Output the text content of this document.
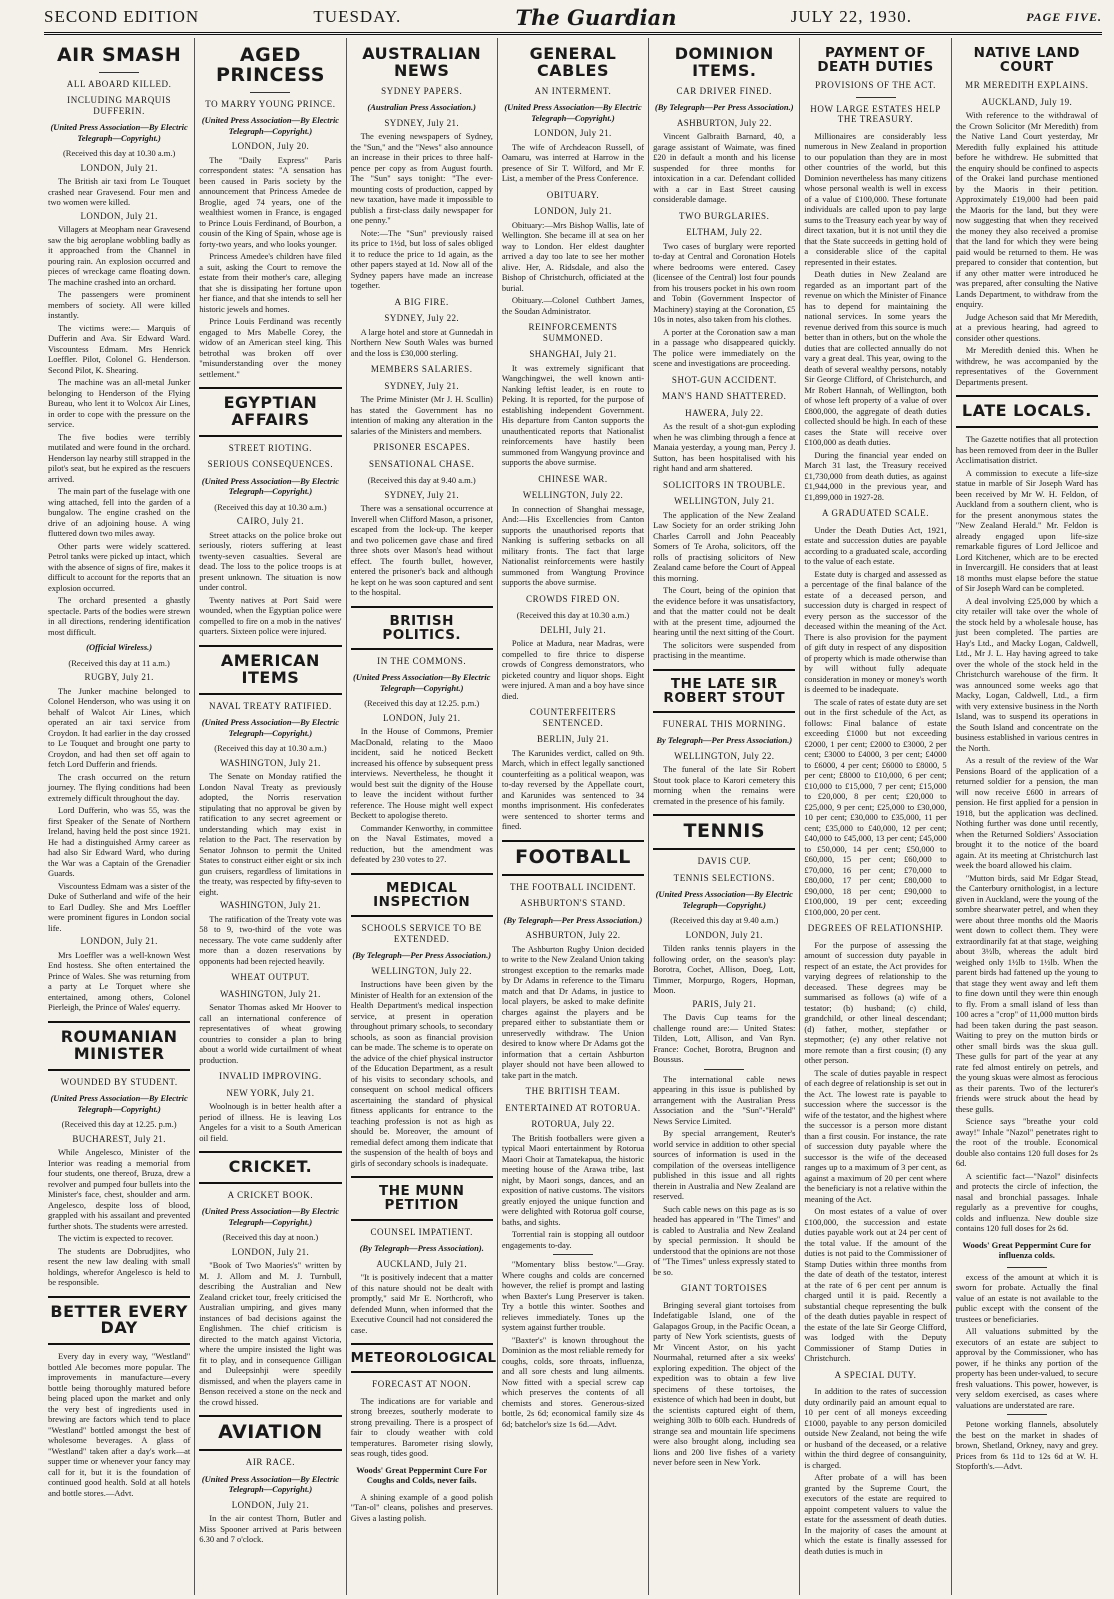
SECOND EDITION	TUESDAY.	The Guardian	JULY 22, 1930.	PAGE FIVE.
AIR SMASH
ALL ABOARD KILLED.
INCLUDING MARQUIS DUFFERIN.
(United Press Association—By Electric Telegraph—Copyright.)
(Received this day at 10.30 a.m.)
LONDON, July 21.

The British air taxi from Le Touquet crashed near Gravesend. Four men and two women were killed.

LONDON, July 21.

Villagers at Meopham near Gravesend saw the big aeroplane wobbling badly as it approached from the Channel in pouring rain. An explosion occurred and pieces of wreckage came floating down. The machine crashed into an orchard.

The passengers were prominent members of society. All were killed instantly.

The victims were:— Marquis of Dufferin and Ava. Sir Edward Ward. Viscountess Edmam. Mrs Henrick Loeffler. Pilot, Colonel G. Henderson. Second Pilot, K. Shearing.

The machine was an all-metal Junker belonging to Henderson of the Flying Bureau, who lent it to Wolcox Air Lines, in order to cope with the pressure on the service.

The five bodies were terribly mutilated and were found in the orchard. Henderson lay nearby still strapped in the pilot's seat, but he expired as the rescuers arrived.

The main part of the fuselage with one wing attached, fell into the garden of a bungalow. The engine crashed on the drive of an adjoining house. A wing fluttered down two miles away.

Other parts were widely scattered. Petrol tanks were picked up intact, which with the absence of signs of fire, makes it difficult to account for the reports that an explosion occurred.

The orchard presented a ghastly spectacle. Parts of the bodies were strewn in all directions, rendering identification most difficult.

(Official Wireless.)
(Received this day at 11 a.m.)
RUGBY, July 21.

The Junker machine belonged to Colonel Henderson, who was using it on behalf of Walcot Air Lines, which operated an air taxi service from Croydon. It had earlier in the day crossed to Le Touquet and brought one party to Croydon, and had then set off again to fetch Lord Dufferin and friends.

The crash occurred on the return journey. The flying conditions had been extremely difficult throughout the day.

Lord Dufferin, who was 55, was the first Speaker of the Senate of Northern Ireland, having held the post since 1921. He had a distinguished Army career as had also Sir Edward Ward, who during the War was a Captain of the Grenadier Guards.

Viscountess Edmam was a sister of the Duke of Sutherland and wife of the heir to Earl Dudley. She and Mrs Loeffler were prominent figures in London social life.

LONDON, July 21.

Mrs Loeffler was a well-known West End hostess. She often entertained the Prince of Wales. She was returning from a party at Le Torquet where she entertained, among others, Colonel Pierleigh, the Prince of Wales' equerry.

ROUMANIAN MINISTER
WOUNDED BY STUDENT.
(United Press Association—By Electric Telegraph—Copyright.)
(Received this day at 12.25. p.m.)
BUCHAREST, July 21.

While Angelesco, Minister of the Interior was reading a memorial from four students, one thereof, Bruza, drew a revolver and pumped four bullets into the Minister's face, chest, shoulder and arm. Angelesco, despite loss of blood, grappled with his assailant and prevented further shots. The students were arrested.

The victim is expected to recover.

The students are Dobrudjites, who resent the new law dealing with small holdings, wherefor Angelesco is held to be responsible.

BETTER EVERY DAY

Every day in every way, "Westland" bottled Ale becomes more popular. The improvements in manufacture—every bottle being thoroughly matured before being placed upon the market and only the very best of ingredients used in brewing are factors which tend to place "Westland" bottled amongst the best of wholesome beverages. A glass of "Westland" taken after a day's work—at supper time or whenever your fancy may call for it, but it is the foundation of continued good health. Sold at all hotels and bottle stores.—Advt.

AGED PRINCESS
TO MARRY YOUNG PRINCE.
(United Press Association—By Electric Telegraph—Copyright.)
LONDON, July 20.

The "Daily Express" Paris correspondent states: "A sensation has been caused in Paris society by the announcement that Princess Amedee de Broglie, aged 74 years, one of the wealthiest women in France, is engaged to Prince Louis Ferdinand, of Bourbon, a cousin of the King of Spain, whose age is forty-two years, and who looks younger.

Princess Amedee's children have filed a suit, asking the Court to remove the estate from their mother's care, alleging that she is dissipating her fortune upon her fiance, and that she intends to sell her historic jewels and homes.

Prince Louis Ferdinand was recently engaged to Mrs Mabelle Corey, the widow of an American steel king. This betrothal was broken off over "misunderstanding over the money settlement."

EGYPTIAN AFFAIRS
STREET RIOTING.
SERIOUS CONSEQUENCES.
(United Press Association—By Electric Telegraph—Copyright.)
(Received this day at 10.30 a.m.)
CAIRO, July 21.

Street attacks on the police broke out seriously, rioters suffering at least twenty-seven casualties. Several are dead. The loss to the police troops is at present unknown. The situation is now under control.

Twenty natives at Port Said were wounded, when the Egyptian police were compelled to fire on a mob in the natives' quarters. Sixteen police were injured.

AMERICAN ITEMS
NAVAL TREATY RATIFIED.
(United Press Association—By Electric Telegraph—Copyright.)
(Received this day at 10.30 a.m.)
WASHINGTON, July 21.

The Senate on Monday ratified the London Naval Treaty as previously adopted, the Norris reservation stipulating that no approval be given by ratification to any secret agreement or understanding which may exist in relation to the Pact. The reservation by Senator Johnson to permit the United States to construct either eight or six inch gun cruisers, regardless of limitations in the treaty, was respected by fifty-seven to eight.

WASHINGTON, July 21.

The ratification of the Treaty vote was 58 to 9, two-third of the vote was necessary. The vote came suddenly after more than a dozen reservations by opponents had been rejected heavily.

WHEAT OUTPUT.
WASHINGTON, July 21.

Senator Thomas asked Mr Hoover to call an international conference of representatives of wheat growing countries to consider a plan to bring about a world wide curtailment of wheat production.

INVALID IMPROVING.
NEW YORK, July 21.

Woolnough is in better health after a period of illness. He is leaving Los Angeles for a visit to a South American oil field.

CRICKET.
A CRICKET BOOK.
(United Press Association—By Electric Telegraph—Copyright.)
(Received this day at noon.)
LONDON, July 21.

"Book of Two Maories's" written by M. J. Allom and M. J. Turnbull, describing the Australian and New Zealand cricket tour, freely criticised the Australian umpiring, and gives many instances of bad decisions against the Englishmen. The chief criticism is directed to the match against Victoria, where the umpire insisted the light was fit to play, and in consequence Gilligan and Duleepsinhji were speedily dismissed, and when the players came in Benson received a stone on the neck and the crowd hissed.

AVIATION
AIR RACE.
(United Press Association—By Electric Telegraph—Copyright.)
LONDON, July 21.

In the air contest Thorn, Butler and Miss Spooner arrived at Paris between 6.30 and 7 o'clock.

AUSTRALIAN NEWS
SYDNEY PAPERS.
(Australian Press Association.)
SYDNEY, July 21.

The evening newspapers of Sydney, the "Sun," and the "News" also announce an increase in their prices to three half-pence per copy as from August fourth. The "Sun" says tonight: "The ever-mounting costs of production, capped by new taxation, have made it impossible to publish a first-class daily newspaper for one penny."

Note:—The "Sun" previously raised its price to 1½d, but loss of sales obliged it to reduce the price to 1d again, as the other papers stayed at 1d. Now all of the Sydney papers have made an increase together.

A BIG FIRE.
SYDNEY, July 22.

A large hotel and store at Gunnedah in Northern New South Wales was burned and the loss is £30,000 sterling.

MEMBERS SALARIES.
SYDNEY, July 21.

The Prime Minister (Mr J. H. Scullin) has stated the Government has no intention of making any alteration in the salaries of the Ministers and members.

PRISONER ESCAPES.
SENSATIONAL CHASE.
(Received this day at 9.40 a.m.)
SYDNEY, July 21.

There was a sensational occurrence at Inverell when Clifford Mason, a prisoner, escaped from the lock-up. The keeper and two policemen gave chase and fired three shots over Mason's head without effect. The fourth bullet, however, entered the prisoner's back and although he kept on he was soon captured and sent to the hospital.

BRITISH POLITICS.
IN THE COMMONS.
(United Press Association—By Electric Telegraph—Copyright.)
(Received this day at 12.25. p.m.)
LONDON, July 21.

In the House of Commons, Premier MacDonald, relating to the Maoo incident, said he noticed Beckett increased his offence by subsequent press interviews. Nevertheless, he thought it would best suit the dignity of the House to leave the incident without further reference. The House might well expect Beckett to apologise thereto.

Commander Kenworthy, in committee on the Naval Estimates, moved a reduction, but the amendment was defeated by 230 votes to 27.

MEDICAL INSPECTION
SCHOOLS SERVICE TO BE EXTENDED.
(By Telegraph—Per Press Association.)
WELLINGTON, July 22.

Instructions have been given by the Minister of Health for an extension of the Health Department's medical inspection service, at present in operation throughout primary schools, to secondary schools, as soon as financial provision can be made. The scheme is to operate on the advice of the chief physical instructor of the Education Department, as a result of his visits to secondary schools, and consequent on school medical officers ascertaining the standard of physical fitness applicants for entrance to the teaching profession is not as high as should be. Moreover, the amount of remedial defect among them indicate that the suspension of the health of boys and girls of secondary schools is inadequate.

THE MUNN PETITION
COUNSEL IMPATIENT.
(By Telegraph—Press Association).
AUCKLAND, July 21.

"It is positively indecent that a matter of this nature should not be dealt with promptly," said Mr E. Northcroft, who defended Munn, when informed that the Executive Council had not considered the case.

METEOROLOGICAL
FORECAST AT NOON.

The indications are for variable and strong breezes, southerly moderate to strong prevailing. There is a prospect of fair to cloudy weather with cold temperatures. Barometer rising slowly, seas rough, tides good.

Woods' Great Peppermint Cure For Coughs and Colds, never fails.

A shining example of a good polish "Tan-ol" cleans, polishes and preserves. Gives a lasting polish.

GENERAL CABLES
AN INTERMENT.
(United Press Association—By Electric Telegraph—Copyright.)
LONDON, July 21.

The wife of Archdeacon Russell, of Oamaru, was interred at Harrow in the presence of Sir T. Wilford, and Mr F. List, a member of the Press Conference.

OBITUARY.
LONDON, July 21.

Obituary:—Mrs Bishop Wallis, late of Wellington. She became ill at sea on her way to London. Her eldest daughter arrived a day too late to see her mother alive. Her, A. Ridsdale, and also the Bishop of Christchurch, officiated at the burial.

Obituary.—Colonel Cuthbert James, the Soudan Administrator.

REINFORCEMENTS SUMMONED.
SHANGHAI, July 21.

It was extremely significant that Wangchingwei, the well known anti-Nanking leftist leader, is en route to Peking. It is reported, for the purpose of establishing independent Government. His departure from Canton supports the unauthenticated reports that Nationalist reinforcements have hastily been summoned from Wangyung province and supports the above surmise.

CHINESE WAR.
WELLINGTON, July 22.

In connection of Shanghai message, And:—His Excellencies from Canton supports the unauthorised reports that Nanking is suffering setbacks on all military fronts. The fact that large Nationalist reinforcements were hastily summoned from Wangtung Province supports the above surmise.

CROWDS FIRED ON.
(Received this day at 10.30 a.m.)
DELHI, July 21.

Police at Madura, near Madras, were compelled to fire thrice to disperse crowds of Congress demonstrators, who picketed country and liquor shops. Eight were injured. A man and a boy have since died.

COUNTERFEITERS SENTENCED.
BERLIN, July 21.

The Karunides verdict, called on 9th. March, which in effect legally sanctioned counterfeiting as a political weapon, was to-day reversed by the Appellate court, and Karunides was sentenced to 34 months imprisonment. His confederates were sentenced to shorter terms and fined.

FOOTBALL
THE FOOTBALL INCIDENT.
ASHBURTON'S STAND.
(By Telegraph—Per Press Association.)
ASHBURTON, July 22.

The Ashburton Rugby Union decided to write to the New Zealand Union taking strongest exception to the remarks made by Dr Adams in reference to the Timaru match and that Dr Adams, in justice to local players, be asked to make definite charges against the players and be prepared either to substantiate them or unreservedly withdraw. The Union desired to know where Dr Adams got the information that a certain Ashburton player should not have been allowed to take part in the match.

THE BRITISH TEAM.
ENTERTAINED AT ROTORUA.
ROTORUA, July 22.

The British footballers were given a typical Maori entertainment by Rotorua Maori Choir at Tamatekapua, the historic meeting house of the Arawa tribe, last night, by Maori songs, dances, and an exposition of native customs. The visitors greatly enjoyed the unique function and were delighted with Rotorua golf course, baths, and sights.

Torrential rain is stopping all outdoor engagements to-day.

"Momentary bliss bestow."—Gray. Where coughs and colds are concerned however, the relief is prompt and lasting when Baxter's Lung Preserver is taken. Try a bottle this winter. Soothes and relieves immediately. Tones up the system against further trouble.

"Baxter's" is known throughout the Dominion as the most reliable remedy for coughs, colds, sore throats, influenza, and all sore chests and lung ailments. Now fitted with a special screw cap which preserves the contents of all chemists and stores. Generous-sized bottle, 2s 6d; economical family size 4s 6d; batchelor's size 1s 6d.—Advt.

DOMINION ITEMS.
CAR DRIVER FINED.
(By Telegraph—Per Press Association.)
ASHBURTON, July 22.

Vincent Galbraith Barnard, 40, a garage assistant of Waimate, was fined £20 in default a month and his license suspended for three months for intoxication in a car. Defendant collided with a car in East Street causing considerable damage.

TWO BURGLARIES.
ELTHAM, July 22.

Two cases of burglary were reported to-day at Central and Coronation Hotels where bedrooms were entered. Casey (licensee of the Central) lost four pounds from his trousers pocket in his own room and Tobin (Government Inspector of Machinery) staying at the Coronation, £5 10s in notes, also taken from his clothes.

A porter at the Coronation saw a man in a passage who disappeared quickly. The police were immediately on the scene and investigations are proceeding.

SHOT-GUN ACCIDENT.
MAN'S HAND SHATTERED.
HAWERA, July 22.

As the result of a shot-gun exploding when he was climbing through a fence at Manaia yesterday, a young man, Percy J. Sutton, has been hospitalised with his right hand and arm shattered.

SOLICITORS IN TROUBLE.
WELLINGTON, July 21.

The application of the New Zealand Law Society for an order striking John Charles Carroll and John Peaceably Somers of Te Aroha, solicitors, off the rolls of practising solicitors of New Zealand came before the Court of Appeal this morning.

The Court, being of the opinion that the evidence before it was unsatisfactory, and that the matter could not be dealt with at the present time, adjourned the hearing until the next sitting of the Court.

The solicitors were suspended from practising in the meantime.

THE LATE SIR ROBERT STOUT
FUNERAL THIS MORNING.
By Telegraph—Per Press Association.)
WELLINGTON, July 22.

The funeral of the late Sir Robert Stout took place to Karori cemetery this morning when the remains were cremated in the presence of his family.

TENNIS
DAVIS CUP.
TENNIS SELECTIONS.
(United Press Association—By Electric Telegraph—Copyright.)
(Received this day at 9.40 a.m.)
LONDON, July 21.

Tilden ranks tennis players in the following order, on the season's play: Borotra, Cochet, Allison, Doeg, Lott, Timmer, Morpurgo, Rogers, Hopman, Moon.

PARIS, July 21.

The Davis Cup teams for the challenge round are:— United States: Tilden, Lott, Allison, and Van Ryn. France: Cochet, Borotra, Brugnon and Boussus.

The international cable news appearing in this issue is published by arrangement with the Australian Press Association and the "Sun"-"Herald" News Service Limited.

By special arrangement, Reuter's world service in addition to other special sources of information is used in the compilation of the overseas intelligence published in this issue and all rights therein in Australia and New Zealand are reserved.

Such cable news on this page as is so headed has appeared in "The Times" and is cabled to Australia and New Zealand by special permission. It should be understood that the opinions are not those of "The Times" unless expressly stated to be so.

GIANT TORTOISES

Bringing several giant tortoises from Indefatigable Island, one of the Galapagos Group, in the Pacific Ocean, a party of New York scientists, guests of Mr Vincent Astor, on his yacht Nourmahal, returned after a six weeks' exploring expedition. The object of the expedition was to obtain a few live specimens of these tortoises, the existence of which had been in doubt, but the scientists captured eight of them, weighing 30lb to 60lb each. Hundreds of strange sea and mountain life specimens were also brought along, including sea lions and 200 live fishes of a variety never before seen in New York.

PAYMENT OF DEATH DUTIES
PROVISIONS OF THE ACT.
HOW LARGE ESTATES HELP THE TREASURY.

Millionaires are considerably less numerous in New Zealand in proportion to our population than they are in most other countries of the world, but this Dominion nevertheless has many citizens whose personal wealth is well in excess of a value of £100,000. These fortunate individuals are called upon to pay large sums to the Treasury each year by way of direct taxation, but it is not until they die that the State succeeds in getting hold of a considerable slice of the capital represented in their estates.

Death duties in New Zealand are regarded as an important part of the revenue on which the Minister of Finance has to depend for maintaining the national services. In some years the revenue derived from this source is much better than in others, but on the whole the duties that are collected annually do not vary a great deal. This year, owing to the death of several wealthy persons, notably Sir George Clifford, of Christchurch, and Mr Robert Hannah, of Wellington, both of whose left property of a value of over £800,000, the aggregate of death duties collected should be high. In each of these cases the State will receive over £100,000 as death duties.

During the financial year ended on March 31 last, the Treasury received £1,730,000 from death duties, as against £1,944,000 in the previous year, and £1,899,000 in 1927-28.

A GRADUATED SCALE.

Under the Death Duties Act, 1921, estate and succession duties are payable according to a graduated scale, according to the value of each estate.

Estate duty is charged and assessed as a percentage of the final balance of the estate of a deceased person, and succession duty is charged in respect of every person as the successor of the deceased within the meaning of the Act. There is also provision for the payment of gift duty in respect of any disposition of property which is made otherwise than by will without fully adequate consideration in money or money's worth is deemed to be inadequate.

The scale of rates of estate duty are set out in the first schedule of the Act, as follows: Final balance of estate exceeding £1000 but not exceeding £2000, 1 per cent; £2000 to £3000, 2 per cent; £3000 to £4000, 3 per cent; £4000 to £6000, 4 per cent; £6000 to £8000, 5 per cent; £8000 to £10,000, 6 per cent; £10,000 to £15,000, 7 per cent; £15,000 to £20,000, 8 per cent; £20,000 to £25,000, 9 per cent; £25,000 to £30,000, 10 per cent; £30,000 to £35,000, 11 per cent; £35,000 to £40,000, 12 per cent; £40,000 to £45,000, 13 per cent; £45,000 to £50,000, 14 per cent; £50,000 to £60,000, 15 per cent; £60,000 to £70,000, 16 per cent; £70,000 to £80,000, 17 per cent; £80,000 to £90,000, 18 per cent; £90,000 to £100,000, 19 per cent; exceeding £100,000, 20 per cent.

DEGREES OF RELATIONSHIP.

For the purpose of assessing the amount of succession duty payable in respect of an estate, the Act provides for varying degrees of relationship to the deceased. These degrees may be summarised as follows (a) wife of a testator; (b) husband; (c) child, grandchild, or other lineal descendant; (d) father, mother, stepfather or stepmother; (e) any other relative not more remote than a first cousin; (f) any other person.

The scale of duties payable in respect of each degree of relationship is set out in the Act. The lowest rate is payable to succession where the successor is the wife of the testator, and the highest where the successor is a person more distant than a first cousin. For instance, the rate of succession duty payable where the successor is the wife of the deceased ranges up to a maximum of 3 per cent, as against a maximum of 20 per cent where the beneficiary is not a relative within the meaning of the Act.

On most estates of a value of over £100,000, the succession and estate duties payable work out at 24 per cent of the total value. If the amount of the duties is not paid to the Commissioner of Stamp Duties within three months from the date of death of the testator, interest at the rate of 6 per cent per annum is charged until it is paid. Recently a substantial cheque representing the bulk of the death duties payable in respect of the estate of the late Sir George Clifford, was lodged with the Deputy Commissioner of Stamp Duties in Christchurch.

A SPECIAL DUTY.

In addition to the rates of succession duty ordinarily paid an amount equal to 10 per cent of all moneys exceeding £1000, payable to any person domiciled outside New Zealand, not being the wife or husband of the deceased, or a relative within the third degree of consanguinity, is charged.

After probate of a will has been granted by the Supreme Court, the executors of the estate are required to appoint competent valuers to value the estate for the assessment of death duties. In the majority of cases the amount at which the estate is finally assessed for death duties is much in

NATIVE LAND COURT
MR MEREDITH EXPLAINS.
AUCKLAND, July 19.

With reference to the withdrawal of the Crown Solicitor (Mr Meredith) from the Native Land Court yesterday, Mr Meredith fully explained his attitude before he withdrew. He submitted that the enquiry should be confined to aspects of the Orakei land purchase mentioned by the Maoris in their petition. Approximately £19,000 had been paid the Maoris for the land, but they were now suggesting that when they received the money they also received a promise that the land for which they were being paid would be returned to them. He was prepared to consider that contention, but if any other matter were introduced he was prepared, after consulting the Native Lands Department, to withdraw from the enquiry.

Judge Acheson said that Mr Meredith, at a previous hearing, had agreed to consider other questions.

Mr Meredith denied this. When he withdrew, he was accompanied by the representatives of the Government Departments present.

LATE LOCALS.

The Gazette notifies that all protection has been removed from deer in the Buller Acclimatisation district.

A commission to execute a life-size statue in marble of Sir Joseph Ward has been received by Mr W. H. Feldon, of Auckland from a southern client, who is for the present anonymous states the "New Zealand Herald." Mr. Feldon is already engaged upon life-size remarkable figures of Lord Jellicoe and Lord Kitchener, which are to be erected in Invercargill. He considers that at least 18 months must elapse before the statue of Sir Joseph Ward can be completed.

A deal involving £25,000 by which a city retailer will take over the whole of the stock held by a wholesale house, has just been completed. The parties are Hay's Ltd., and Macky Logan, Caldwell, Ltd., Mr J. L. Hay having agreed to take over the whole of the stock held in the Christchurch warehouse of the firm. It was announced some weeks ago that Macky, Logan, Caldwell, Ltd., a firm with very extensive business in the North Island, was to suspend its operations in the South Island and concentrate on the business established in various centres in the North.

As a result of the review of the War Pensions Board of the application of a returned soldier for a pension, the man will now receive £600 in arrears of pension. He first applied for a pension in 1918, but the application was declined. Nothing further was done until recently, when the Returned Soldiers' Association brought it to the notice of the board again. At its meeting at Christchurch last week the board allowed his claim.

"Mutton birds, said Mr Edgar Stead, the Canterbury ornithologist, in a lecture given in Auckland, were the young of the sombre shearwater petrel, and when they were about three months old the Maoris went down to collect them. They were extraordinarily fat at that stage, weighing about 3½lb, whereas the adult bird weighed only 1½lb to 1½lb. When the parent birds had fattened up the young to that stage they went away and left them to fine down until they were thin enough to fly. From a small island of less than 100 acres a "crop" of 11,000 mutton birds had been taken during the past season. Waiting to prey on the mutton birds or other small birds was the skua gull. These gulls for part of the year at any rate fed almost entirely on petrels, and the young skuas were almost as ferocious as their parents. Two of the lecturer's friends were struck about the head by these gulls.

Science says "breathe your cold away!" Inhale "Nazol" penetrates right to the root of the trouble. Economical double also contains 120 full doses for 2s 6d.

A scientific fact—"Nazol" disinfects and protects the circle of infection, the nasal and bronchial passages. Inhale regularly as a preventive for coughs, colds and influenza. New double size contains 120 full doses for 2s 6d.

Woods' Great Peppermint Cure for influenza colds.

excess of the amount at which it is sworn for probate. Actually the final value of an estate is not available to the public except with the consent of the trustees or beneficiaries.

All valuations submitted by the executors of an estate are subject to approval by the Commissioner, who has power, if he thinks any portion of the property has been under-valued, to secure fresh valuations. This power, however, is very seldom exercised, as cases where valuations are understated are rare.

Petone working flannels, absolutely the best on the market in shades of brown, Shetland, Orkney, navy and grey. Prices from 6s 11d to 12s 6d at W. H. Stopforth's.—Advt.
